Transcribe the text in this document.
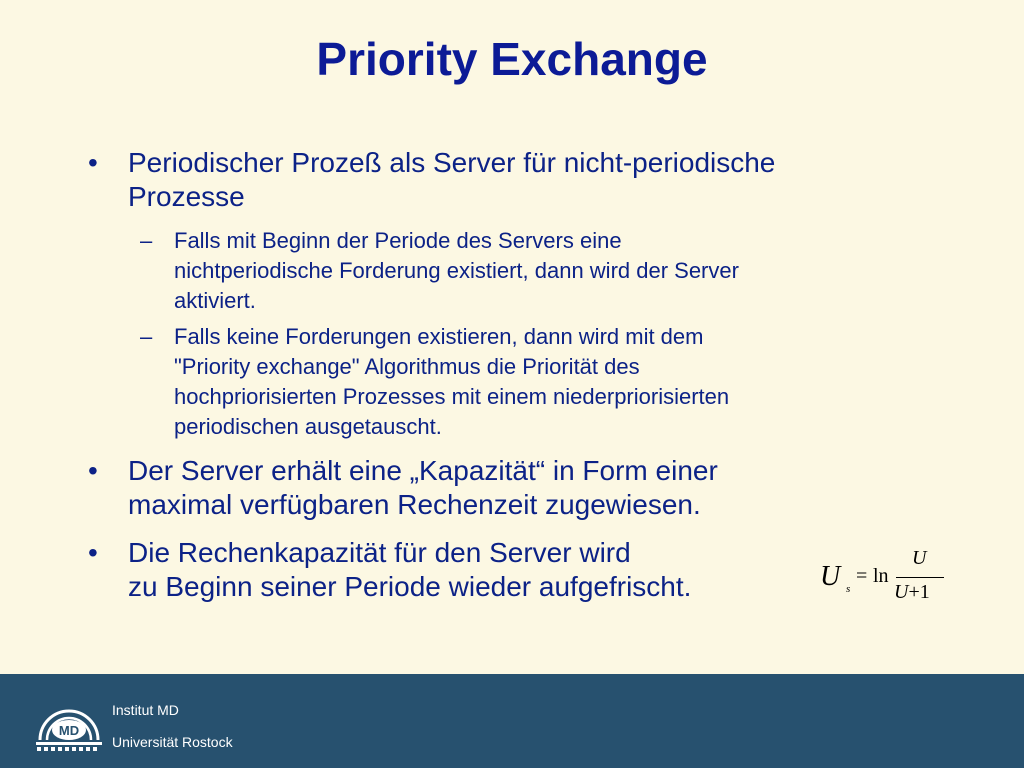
Priority Exchange
• Periodischer Prozeß als Server für nicht-periodische
Prozesse
– Falls mit Beginn der Periode des Servers eine
nichtperiodische Forderung existiert, dann wird der Server
aktiviert.
– Falls keine Forderungen existieren, dann wird mit dem
"Priority exchange" Algorithmus die Priorität des
hochpriorisierten Prozesses mit einem niederpriorisierten
periodischen ausgetauscht.
• Der Server erhält eine „Kapazität“ in Form einer
maximal verfügbaren Rechenzeit zugewiesen.
• Die Rechenkapazität für den Server wird
zu Beginn seiner Periode wieder aufgefrischt.	U s
= ln
U
U+1
MD
Institut MD
Universität Rostock
